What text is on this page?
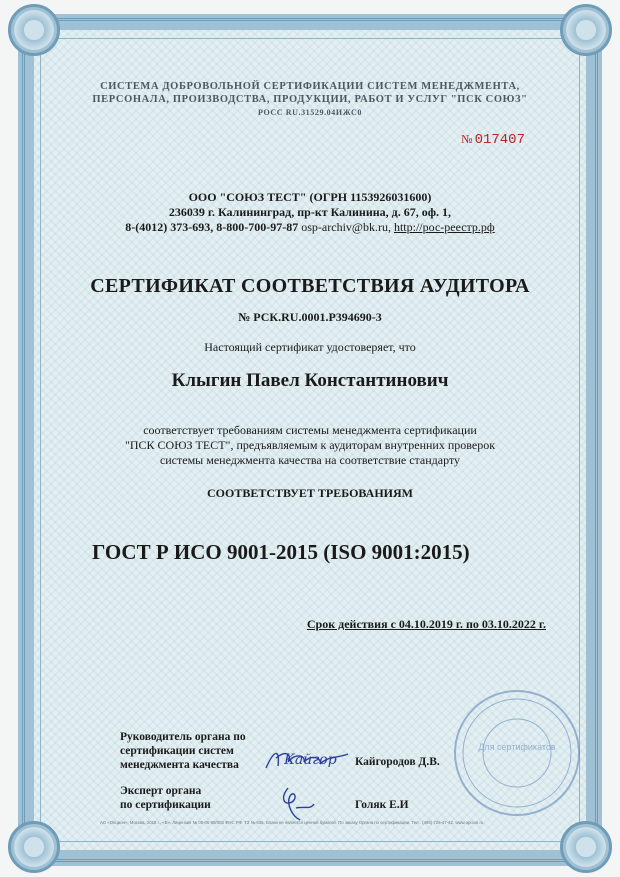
СИСТЕМА ДОБРОВОЛЬНОЙ СЕРТИФИКАЦИИ СИСТЕМ МЕНЕДЖМЕНТА,
ПЕРСОНАЛА, ПРОИЗВОДСТВА, ПРОДУКЦИИ, РАБОТ И УСЛУГ "ПСК СОЮЗ"
РОСС RU.31529.04ИЖС0
№ 017407
ООО "СОЮЗ ТЕСТ" (ОГРН 1153926031600)
236039 г. Калининград, пр-кт Калинина, д. 67, оф. 1,
8-(4012) 373-693, 8-800-700-97-87 osp-archiv@bk.ru, http://рос-реестр.рф
СЕРТИФИКАТ СООТВЕТСТВИЯ АУДИТОРА
№ РСК.RU.0001.Р394690-3
Настоящий сертификат удостоверяет, что
Клыгин Павел Константинович
соответствует требованиям системы менеджмента сертификации
"ПСК СОЮЗ ТЕСТ", предъявляемым к аудиторам внутренних проверок
системы менеджмента качества на соответствие стандарту
СООТВЕТСТВУЕТ ТРЕБОВАНИЯМ
ГОСТ Р ИСО 9001-2015 (ISO 9001:2015)
Срок действия с 04.10.2019 г. по 03.10.2022 г.
Руководитель органа по
сертификации систем
менеджмента качества	Кайгор Кайгородов Д.В.
Эксперт органа
по сертификации	Голяк Е.И
Для сертификатов
АО «Опцион», Москва, 2018 г., «В». Лицензия № 05-05-09/003 ФНС РФ. ТЗ № 935. Бланк не является ценной бумагой. По заказу Органа по сертификации. Тел.: (495) 726-47-42, www.opcion.ru
